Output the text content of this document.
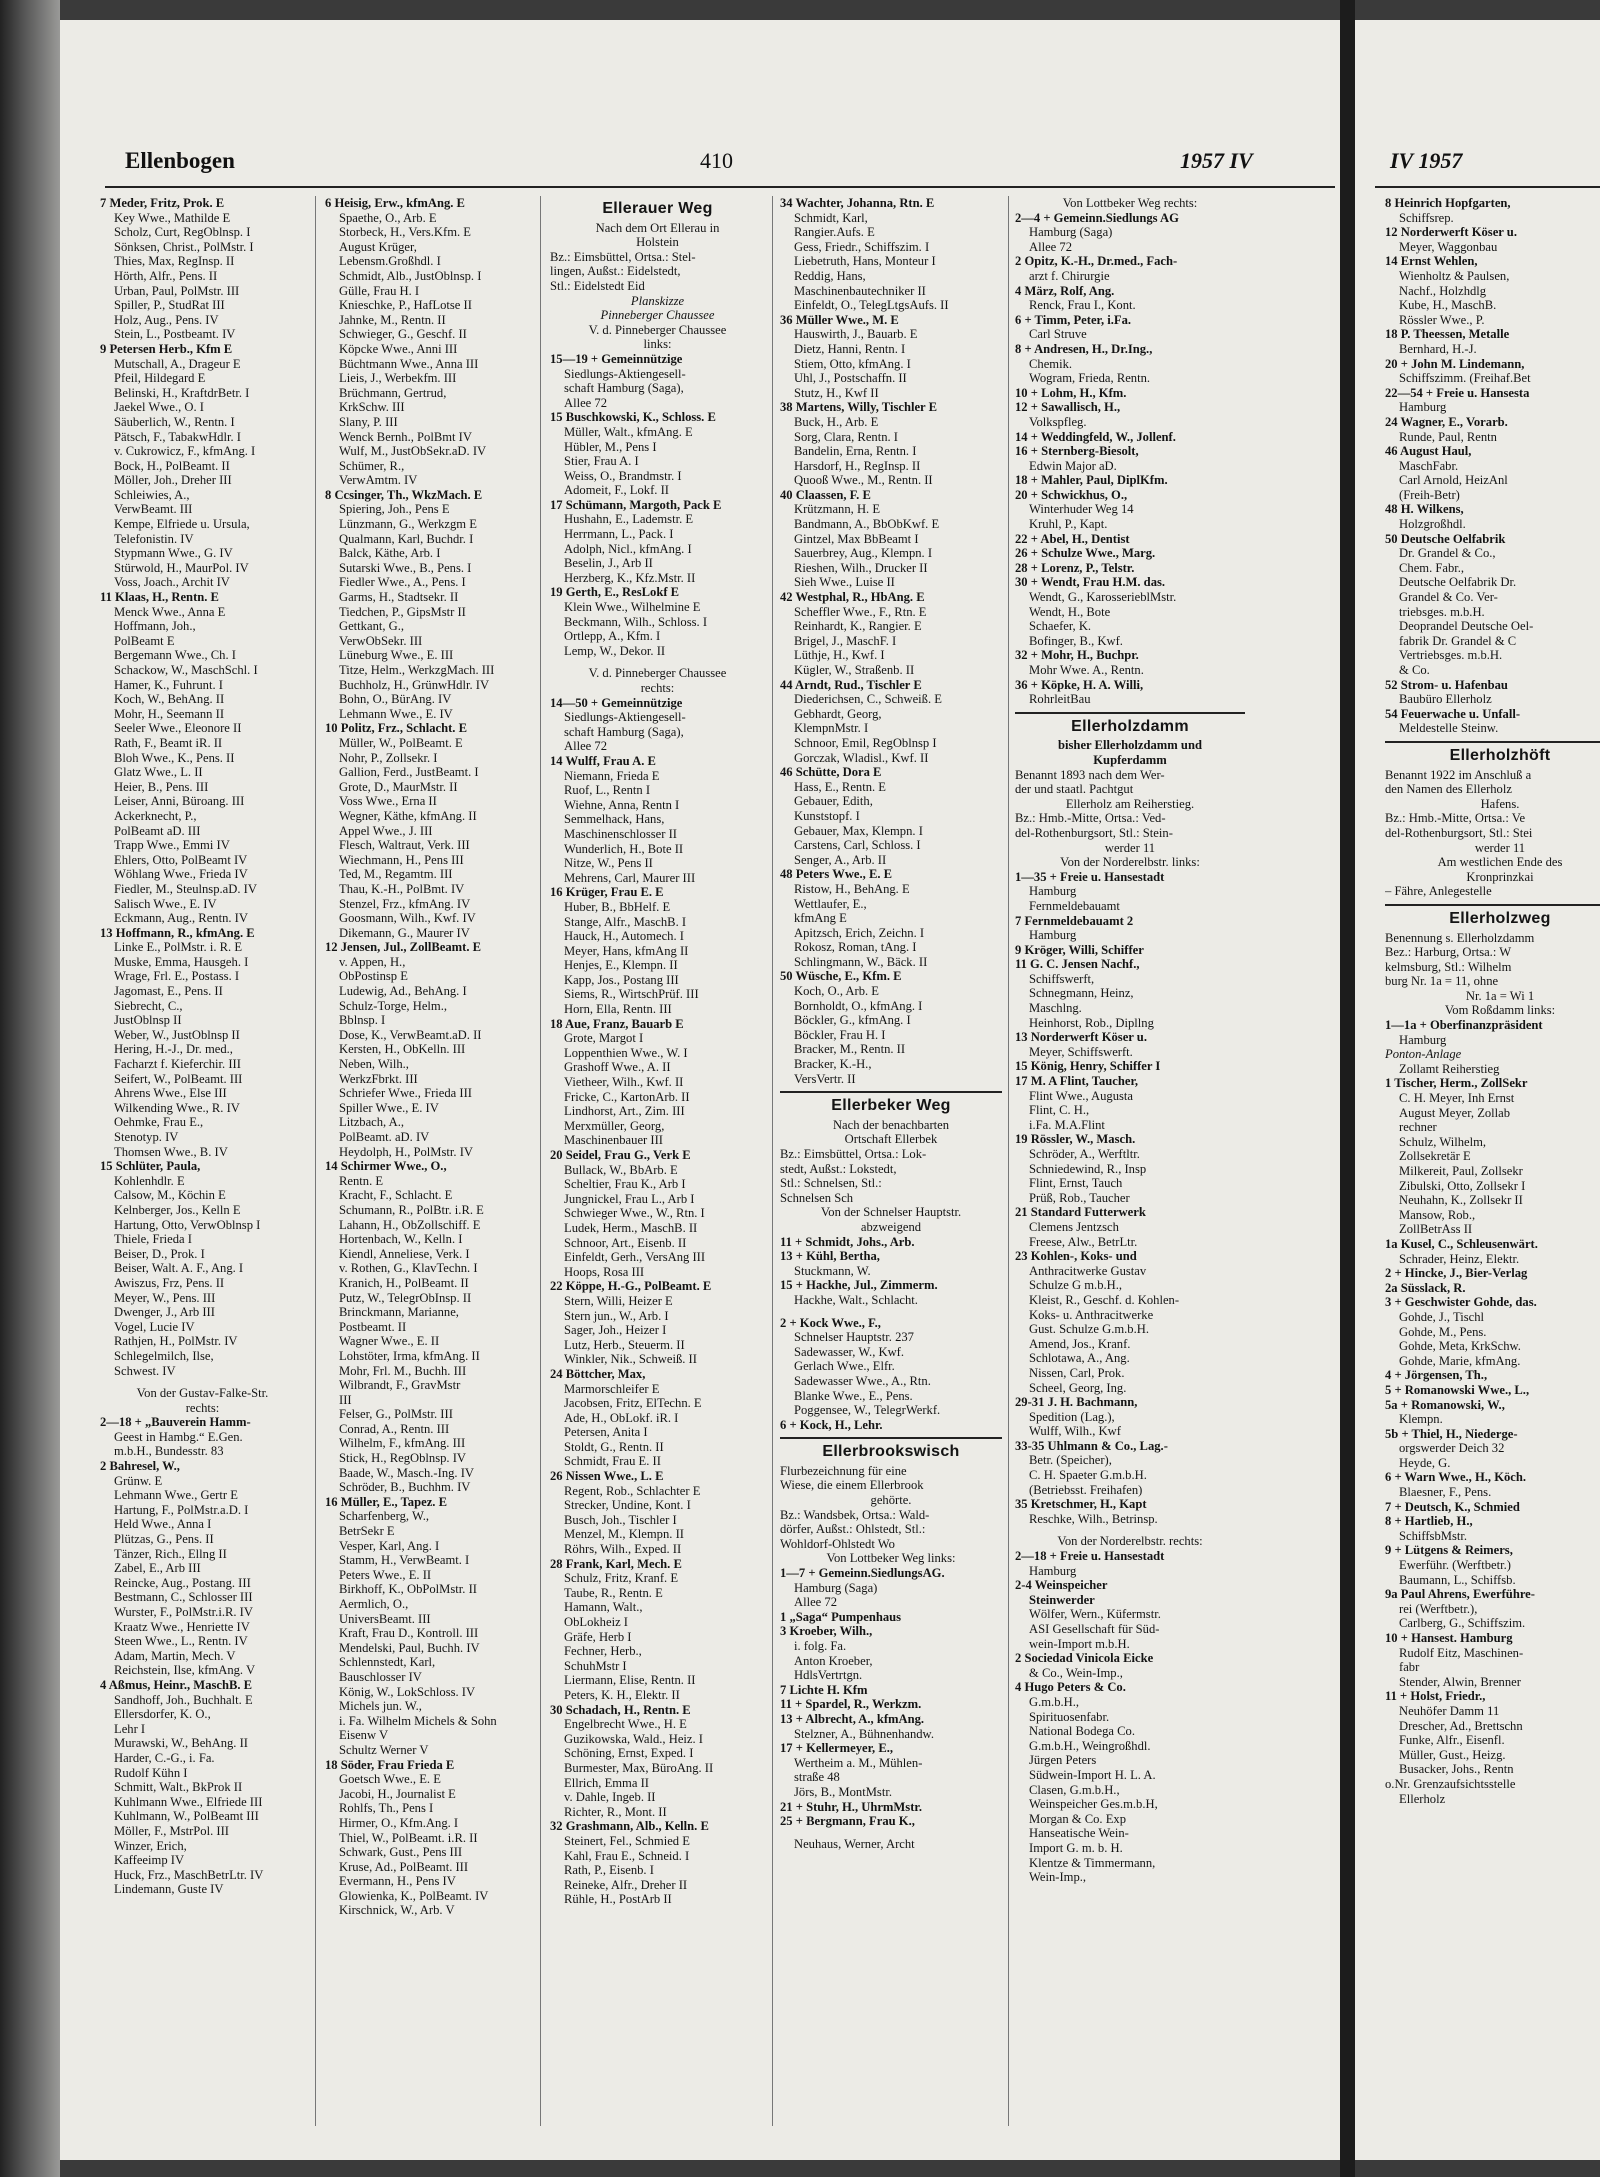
Ellenbogen	410	1957 IV
7 Meder, Fritz, Prok. E
Key Wwe., Mathilde E
Scholz, Curt, RegOblnsp. I
Sönksen, Christ., PolMstr. I
Thies, Max, RegInsp. II
Hörth, Alfr., Pens. II
Urban, Paul, PolMstr. III
Spiller, P., StudRat III
Holz, Aug., Pens. IV
Stein, L., Postbeamt. IV
9 Petersen Herb., Kfm E
Mutschall, A., Drageur E
Pfeil, Hildegard E
Belinski, H., KraftdrBetr. I
Jaekel Wwe., O. I
Säuberlich, W., Rentn. I
Pätsch, F., TabakwHdlr. I
v. Cukrowicz, F., kfmAng. I
Bock, H., PolBeamt. II
Möller, Joh., Dreher III
Schleiwies, A.,
VerwBeamt. III
Kempe, Elfriede u. Ursula,
Telefonistin. IV
Stypmann Wwe., G. IV
Stürwold, H., MaurPol. IV
Voss, Joach., Archit IV
11 Klaas, H., Rentn. E
Menck Wwe., Anna E
Hoffmann, Joh.,
PolBeamt E
Bergemann Wwe., Ch. I
Schackow, W., MaschSchl. I
Hamer, K., Fuhrunt. I
Koch, W., BehAng. II
Mohr, H., Seemann II
Seeler Wwe., Eleonore II
Rath, F., Beamt iR. II
Bloh Wwe., K., Pens. II
Glatz Wwe., L. II
Heier, B., Pens. III
Leiser, Anni, Büroang. III
Ackerknecht, P.,
PolBeamt aD. III
Trapp Wwe., Emmi IV
Ehlers, Otto, PolBeamt IV
Wöhlang Wwe., Frieda IV
Fiedler, M., Steulnsp.aD. IV
Salisch Wwe., E. IV
Eckmann, Aug., Rentn. IV
13 Hoffmann, R., kfmAng. E
Linke E., PolMstr. i. R. E
Muske, Emma, Hausgeh. I
Wrage, Frl. E., Postass. I
Jagomast, E., Pens. II
Siebrecht, C.,
JustOblnsp II
Weber, W., JustOblnsp II
Hering, H.-J., Dr. med.,
Facharzt f. Kieferchir. III
Seifert, W., PolBeamt. III
Ahrens Wwe., Else III
Wilkending Wwe., R. IV
Oehmke, Frau E.,
Stenotyp. IV
Thomsen Wwe., B. IV
15 Schlüter, Paula,
Kohlenhdlr. E
Calsow, M., Köchin E
Kelnberger, Jos., Kelln E
Hartung, Otto, VerwOblnsp I
Thiele, Frieda I
Beiser, D., Prok. I
Beiser, Walt. A. F., Ang. I
Awiszus, Frz, Pens. II
Meyer, W., Pens. III
Dwenger, J., Arb III
Vogel, Lucie IV
Rathjen, H., PolMstr. IV
Schlegelmilch, Ilse,
Schwest. IV
Von der Gustav-Falke-Str.
rechts:
2—18 + „Bauverein Hamm-
Geest in Hambg.“ E.Gen.
m.b.H., Bundesstr. 83
2 Bahresel, W.,
Grünw. E
Lehmann Wwe., Gertr E
Hartung, F., PolMstr.a.D. I
Held Wwe., Anna I
Plützas, G., Pens. II
Tänzer, Rich., Ellng II
Zabel, E., Arb III
Reincke, Aug., Postang. III
Bestmann, C., Schlosser III
Wurster, F., PolMstr.i.R. IV
Kraatz Wwe., Henriette IV
Steen Wwe., L., Rentn. IV
Adam, Martin, Mech. V
Reichstein, Ilse, kfmAng. V
4 Aßmus, Heinr., MaschB. E
Sandhoff, Joh., Buchhalt. E
Ellersdorfer, K. O.,
Lehr I
Murawski, W., BehAng. II
Harder, C.-G., i. Fa.
Rudolf Kühn I
Schmitt, Walt., BkProk II
Kuhlmann Wwe., Elfriede III
Kuhlmann, W., PolBeamt III
Möller, F., MstrPol. III
Winzer, Erich,
Kaffeeimp IV
Huck, Frz., MaschBetrLtr. IV
Lindemann, Guste IV
6 Heisig, Erw., kfmAng. E
Spaethe, O., Arb. E
Storbeck, H., Vers.Kfm. E
August Krüger,
Lebensm.Großhdl. I
Schmidt, Alb., JustOblnsp. I
Gülle, Frau H. I
Knieschke, P., HafLotse II
Jahnke, M., Rentn. II
Schwieger, G., Geschf. II
Köpcke Wwe., Anni III
Büchtmann Wwe., Anna III
Lieis, J., Werbekfm. III
Brüchmann, Gertrud,
KrkSchw. III
Slany, P. III
Wenck Bernh., PolBmt IV
Wulf, M., JustObSekr.aD. IV
Schümer, R.,
VerwAmtm. IV
8 Ccsinger, Th., WkzMach. E
Spiering, Joh., Pens E
Lünzmann, G., Werkzgm E
Qualmann, Karl, Buchdr. I
Balck, Käthe, Arb. I
Sutarski Wwe., B., Pens. I
Fiedler Wwe., A., Pens. I
Garms, H., Stadtsekr. II
Tiedchen, P., GipsMstr II
Gettkant, G.,
VerwObSekr. III
Lüneburg Wwe., E. III
Titze, Helm., WerkzgMach. III
Buchholz, H., GrünwHdlr. IV
Bohn, O., BürAng. IV
Lehmann Wwe., E. IV
10 Politz, Frz., Schlacht. E
Müller, W., PolBeamt. E
Nohr, P., Zollsekr. I
Gallion, Ferd., JustBeamt. I
Grote, D., MaurMstr. II
Voss Wwe., Erna II
Wegner, Käthe, kfmAng. II
Appel Wwe., J. III
Flesch, Waltraut, Verk. III
Wiechmann, H., Pens III
Ted, M., Regamtm. III
Thau, K.-H., PolBmt. IV
Stenzel, Frz., kfmAng. IV
Goosmann, Wilh., Kwf. IV
Dikemann, G., Maurer IV
12 Jensen, Jul., ZollBeamt. E
v. Appen, H.,
ObPostinsp E
Ludewig, Ad., BehAng. I
Schulz-Torge, Helm.,
Bblnsp. I
Dose, K., VerwBeamt.aD. II
Kersten, H., ObKelln. III
Neben, Wilh.,
WerkzFbrkt. III
Schriefer Wwe., Frieda III
Spiller Wwe., E. IV
Litzbach, A.,
PolBeamt. aD. IV
Heydolph, H., PolMstr. IV
14 Schirmer Wwe., O.,
Rentn. E
Kracht, F., Schlacht. E
Schumann, R., PolBtr. i.R. E
Lahann, H., ObZollschiff. E
Hortenbach, W., Kelln. I
Kiendl, Anneliese, Verk. I
v. Rothen, G., KlavTechn. I
Kranich, H., PolBeamt. II
Putz, W., TelegrObInsp. II
Brinckmann, Marianne,
Postbeamt. II
Wagner Wwe., E. II
Lohstöter, Irma, kfmAng. II
Mohr, Frl. M., Buchh. III
Wilbrandt, F., GravMstr
III
Felser, G., PolMstr. III
Conrad, A., Rentn. III
Wilhelm, F., kfmAng. III
Stick, H., RegOblnsp. IV
Baade, W., Masch.-Ing. IV
Schröder, B., Buchhm. IV
16 Müller, E., Tapez. E
Scharfenberg, W.,
BetrSekr E
Vesper, Karl, Ang. I
Stamm, H., VerwBeamt. I
Peters Wwe., E. II
Birkhoff, K., ObPolMstr. II
Aermlich, O.,
UniversBeamt. III
Kraft, Frau D., Kontroll. III
Mendelski, Paul, Buchh. IV
Schlennstedt, Karl,
Bauschlosser IV
König, W., LokSchloss. IV
Michels jun. W.,
i. Fa. Wilhelm Michels & Sohn
Eisenw V
Schultz Werner V
18 Söder, Frau Frieda E
Goetsch Wwe., E. E
Jacobi, H., Journalist E
Rohlfs, Th., Pens I
Hirmer, O., Kfm.Ang. I
Thiel, W., PolBeamt. i.R. II
Schwark, Gust., Pens III
Kruse, Ad., PolBeamt. III
Evermann, H., Pens IV
Glowienka, K., PolBeamt. IV
Kirschnick, W., Arb. V
Ellerauer Weg
Nach dem Ort Ellerau in
Holstein
Bz.: Eimsbüttel, Ortsa.: Stel-
lingen, Außst.: Eidelstedt,
Stl.: Eidelstedt Eid
Planskizze
Pinneberger Chaussee
V. d. Pinneberger Chaussee
links:
15—19 + Gemeinnützige
Siedlungs-Aktiengesell-
schaft Hamburg (Saga),
Allee 72
15 Buschkowski, K., Schloss. E
Müller, Walt., kfmAng. E
Hübler, M., Pens I
Stier, Frau A. I
Weiss, O., Brandmstr. I
Adomeit, F., Lokf. II
17 Schümann, Margoth, Pack E
Hushahn, E., Lademstr. E
Herrmann, L., Pack. I
Adolph, Nicl., kfmAng. I
Beselin, J., Arb II
Herzberg, K., Kfz.Mstr. II
19 Gerth, E., ResLokf E
Klein Wwe., Wilhelmine E
Beckmann, Wilh., Schloss. I
Ortlepp, A., Kfm. I
Lemp, W., Dekor. II
V. d. Pinneberger Chaussee
rechts:
14—50 + Gemeinnützige
Siedlungs-Aktiengesell-
schaft Hamburg (Saga),
Allee 72
14 Wulff, Frau A. E
Niemann, Frieda E
Ruof, L., Rentn I
Wiehne, Anna, Rentn I
Semmelhack, Hans,
Maschinenschlosser II
Wunderlich, H., Bote II
Nitze, W., Pens II
Mehrens, Carl, Maurer III
16 Krüger, Frau E. E
Huber, B., BbHelf. E
Stange, Alfr., MaschB. I
Hauck, H., Automech. I
Meyer, Hans, kfmAng II
Henjes, E., Klempn. II
Kapp, Jos., Postang III
Siems, R., WirtschPrüf. III
Horn, Ella, Rentn. III
18 Aue, Franz, Bauarb E
Grote, Margot I
Loppenthien Wwe., W. I
Grashoff Wwe., A. II
Vietheer, Wilh., Kwf. II
Fricke, C., KartonArb. II
Lindhorst, Art., Zim. III
Merxmüller, Georg,
Maschinenbauer III
20 Seidel, Frau G., Verk E
Bullack, W., BbArb. E
Scheltier, Frau K., Arb I
Jungnickel, Frau L., Arb I
Schwieger Wwe., W., Rtn. I
Ludek, Herm., MaschB. II
Schnoor, Art., Eisenb. II
Einfeldt, Gerh., VersAng III
Hoops, Rosa III
22 Köppe, H.-G., PolBeamt. E
Stern, Willi, Heizer E
Stern jun., W., Arb. I
Sager, Joh., Heizer I
Lutz, Herb., Steuerm. II
Winkler, Nik., Schweiß. II
24 Böttcher, Max,
Marmorschleifer E
Jacobsen, Fritz, ElTechn. E
Ade, H., ObLokf. iR. I
Petersen, Anita I
Stoldt, G., Rentn. II
Schmidt, Frau E. II
26 Nissen Wwe., L. E
Regent, Rob., Schlachter E
Strecker, Undine, Kont. I
Busch, Joh., Tischler I
Menzel, M., Klempn. II
Röhrs, Wilh., Exped. II
28 Frank, Karl, Mech. E
Schulz, Fritz, Kranf. E
Taube, R., Rentn. E
Hamann, Walt.,
ObLokheiz I
Gräfe, Herb I
Fechner, Herb.,
SchuhMstr I
Liermann, Elise, Rentn. II
Peters, K. H., Elektr. II
30 Schadach, H., Rentn. E
Engelbrecht Wwe., H. E
Guzikowska, Wald., Heiz. I
Schöning, Ernst, Exped. I
Burmester, Max, BüroAng. II
Ellrich, Emma II
v. Dahle, Ingeb. II
Richter, R., Mont. II
32 Grashmann, Alb., Kelln. E
Steinert, Fel., Schmied E
Kahl, Frau E., Schneid. I
Rath, P., Eisenb. I
Reineke, Alfr., Dreher II
Rühle, H., PostArb II
34 Wachter, Johanna, Rtn. E
Schmidt, Karl,
Rangier.Aufs. E
Gess, Friedr., Schiffszim. I
Liebetruth, Hans, Monteur I
Reddig, Hans,
Maschinenbautechniker II
Einfeldt, O., TelegLtgsAufs. II
36 Müller Wwe., M. E
Hauswirth, J., Bauarb. E
Dietz, Hanni, Rentn. I
Stiem, Otto, kfmAng. I
Uhl, J., Postschaffn. II
Stutz, H., Kwf II
38 Martens, Willy, Tischler E
Buck, H., Arb. E
Sorg, Clara, Rentn. I
Bandelin, Erna, Rentn. I
Harsdorf, H., RegInsp. II
Quooß Wwe., M., Rentn. II
40 Claassen, F. E
Krützmann, H. E
Bandmann, A., BbObKwf. E
Gintzel, Max BbBeamt I
Sauerbrey, Aug., Klempn. I
Rieshen, Wilh., Drucker II
Sieh Wwe., Luise II
42 Westphal, R., HbAng. E
Scheffler Wwe., F., Rtn. E
Reinhardt, K., Rangier. E
Brigel, J., MaschF. I
Lüthje, H., Kwf. I
Kügler, W., Straßenb. II
44 Arndt, Rud., Tischler E
Diederichsen, C., Schweiß. E
Gebhardt, Georg,
KlempnMstr. I
Schnoor, Emil, RegOblnsp I
Gorczak, Wladisl., Kwf. II
46 Schütte, Dora E
Hass, E., Rentn. E
Gebauer, Edith,
Kunststopf. I
Gebauer, Max, Klempn. I
Carstens, Carl, Schloss. I
Senger, A., Arb. II
48 Peters Wwe., E. E
Ristow, H., BehAng. E
Wettlaufer, E.,
kfmAng E
Apitzsch, Erich, Zeichn. I
Rokosz, Roman, tAng. I
Schlingmann, W., Bäck. II
50 Wüsche, E., Kfm. E
Koch, O., Arb. E
Bornholdt, O., kfmAng. I
Böckler, G., kfmAng. I
Böckler, Frau H. I
Bracker, M., Rentn. II
Bracker, K.-H.,
VersVertr. II
Ellerbeker Weg
Nach der benachbarten
Ortschaft Ellerbek
Bz.: Eimsbüttel, Ortsa.: Lok-
stedt, Außst.: Lokstedt,
Stl.: Schnelsen, Stl.:
Schnelsen Sch
Von der Schnelser Hauptstr.
abzweigend
11 + Schmidt, Johs., Arb.
13 + Kühl, Bertha,
Stuckmann, W.
15 + Hackhe, Jul., Zimmerm.
Hackhe, Walt., Schlacht.
2 + Kock Wwe., F.,
Schnelser Hauptstr. 237
Sadewasser, W., Kwf.
Gerlach Wwe., Elfr.
Sadewasser Wwe., A., Rtn.
Blanke Wwe., E., Pens.
Poggensee, W., TelegrWerkf.
6 + Kock, H., Lehr.
Ellerbrookswisch
Flurbezeichnung für eine
Wiese, die einem Ellerbrook
gehörte.
Bz.: Wandsbek, Ortsa.: Wald-
dörfer, Außst.: Ohlstedt, Stl.:
Wohldorf-Ohlstedt Wo
Von Lottbeker Weg links:
1—7 + Gemeinn.SiedlungsAG.
Hamburg (Saga)
Allee 72
1 „Saga“ Pumpenhaus
3 Kroeber, Wilh.,
i. folg. Fa.
Anton Kroeber,
HdlsVertrtgn.
7 Lichte H. Kfm
11 + Spardel, R., Werkzm.
13 + Albrecht, A., kfmAng.
Stelzner, A., Bühnenhandw.
17 + Kellermeyer, E.,
Wertheim a. M., Mühlen-
straße 48
Jörs, B., MontMstr.
21 + Stuhr, H., UhrmMstr.
25 + Bergmann, Frau K.,
Neuhaus, Werner, Archt
Von Lottbeker Weg rechts:
2—4 + Gemeinn.Siedlungs AG
Hamburg (Saga)
Allee 72
2 Opitz, K.-H., Dr.med., Fach-
arzt f. Chirurgie
4 März, Rolf, Ang.
Renck, Frau I., Kont.
6 + Timm, Peter, i.Fa.
Carl Struve
8 + Andresen, H., Dr.Ing.,
Chemik.
Wogram, Frieda, Rentn.
10 + Lohm, H., Kfm.
12 + Sawallisch, H.,
Volkspfleg.
14 + Weddingfeld, W., Jollenf.
16 + Sternberg-Biesolt,
Edwin Major aD.
18 + Mahler, Paul, DiplKfm.
20 + Schwickhus, O.,
Winterhuder Weg 14
Kruhl, P., Kapt.
22 + Abel, H., Dentist
26 + Schulze Wwe., Marg.
28 + Lorenz, P., Telstr.
30 + Wendt, Frau H.M. das.
Wendt, G., KarosserieblMstr.
Wendt, H., Bote
Schaefer, K.
Bofinger, B., Kwf.
32 + Mohr, H., Buchpr.
Mohr Wwe. A., Rentn.
36 + Köpke, H. A. Willi,
RohrleitBau
Ellerholzdamm
bisher Ellerholzdamm und
Kupferdamm
Benannt 1893 nach dem Wer-
der und staatl. Pachtgut
Ellerholz am Reiherstieg.
Bz.: Hmb.-Mitte, Ortsa.: Ved-
del-Rothenburgsort, Stl.: Stein-
werder 11
Von der Norderelbstr. links:
1—35 + Freie u. Hansestadt
Hamburg
Fernmeldebauamt
7 Fernmeldebauamt 2
Hamburg
9 Kröger, Willi, Schiffer
11 G. C. Jensen Nachf.,
Schiffswerft,
Schnegmann, Heinz,
Maschlng.
Heinhorst, Rob., Dipllng
13 Norderwerft Köser u.
Meyer, Schiffswerft.
15 König, Henry, Schiffer I
17 M. A Flint, Taucher,
Flint Wwe., Augusta
Flint, C. H.,
i.Fa. M.A.Flint
19 Rössler, W., Masch.
Schröder, A., Werftltr.
Schniedewind, R., Insp
Flint, Ernst, Tauch
Prüß, Rob., Taucher
21 Standard Futterwerk
Clemens Jentzsch
Freese, Alw., BetrLtr.
23 Kohlen-, Koks- und
Anthracitwerke Gustav
Schulze G m.b.H.,
Kleist, R., Geschf. d. Kohlen-
Koks- u. Anthracitwerke
Gust. Schulze G.m.b.H.
Amend, Jos., Kranf.
Schlotawa, A., Ang.
Nissen, Carl, Prok.
Scheel, Georg, Ing.
29-31 J. H. Bachmann,
Spedition (Lag.),
Wulff, Wilh., Kwf
33-35 Uhlmann & Co., Lag.-
Betr. (Speicher),
C. H. Spaeter G.m.b.H.
(Betriebsst. Freihafen)
35 Kretschmer, H., Kapt
Reschke, Wilh., Betrinsp.
Von der Norderelbstr. rechts:
2—18 + Freie u. Hansestadt
Hamburg
2-4 Weinspeicher
Steinwerder
Wölfer, Wern., Küfermstr.
ASI Gesellschaft für Süd-
wein-Import m.b.H.
2 Sociedad Vinicola Eicke
& Co., Wein-Imp.,
4 Hugo Peters & Co.
G.m.b.H.,
Spirituosenfabr.
National Bodega Co.
G.m.b.H., Weingroßhdl.
Jürgen Peters
Südwein-Import H. L. A.
Clasen, G.m.b.H.,
Weinspeicher Ges.m.b.H,
Morgan & Co. Exp
Hanseatische Wein-
Import G. m. b. H.
Klentze & Timmermann,
Wein-Imp.,
IV 1957
8 Heinrich Hopfgarten,
Schiffsrep.
12 Norderwerft Köser u.
Meyer, Waggonbau
14 Ernst Wehlen,
Wienholtz & Paulsen,
Nachf., Holzhdlg
Kube, H., MaschB.
Rössler Wwe., P.
18 P. Theessen, Metalle
Bernhard, H.-J.
20 + John M. Lindemann,
Schiffszimm. (Freihaf.Bet
22—54 + Freie u. Hansesta
Hamburg
24 Wagner, E., Vorarb.
Runde, Paul, Rentn
46 August Haul,
MaschFabr.
Carl Arnold, HeizAnl
(Freih-Betr)
48 H. Wilkens,
Holzgroßhdl.
50 Deutsche Oelfabrik
Dr. Grandel & Co.,
Chem. Fabr.,
Deutsche Oelfabrik Dr.
Grandel & Co. Ver-
triebsges. m.b.H.
Deoprandel Deutsche Oel-
fabrik Dr. Grandel & C
Vertriebsges. m.b.H.
& Co.
52 Strom- u. Hafenbau
Baubüro Ellerholz
54 Feuerwache u. Unfall-
Meldestelle Steinw.
Ellerholzhöft
Benannt 1922 im Anschluß a
den Namen des Ellerholz
Hafens.
Bz.: Hmb.-Mitte, Ortsa.: Ve
del-Rothenburgsort, Stl.: Stei
werder 11
Am westlichen Ende des
Kronprinzkai
– Fähre, Anlegestelle
Ellerholzweg
Benennung s. Ellerholzdamm
Bez.: Harburg, Ortsa.: W
kelmsburg, Stl.: Wilhelm
burg Nr. 1a = 11, ohne
Nr. 1a = Wi 1
Vom Roßdamm links:
1—1a + Oberfinanzpräsident
Hamburg
Ponton-Anlage
Zollamt Reiherstieg
1 Tischer, Herm., ZollSekr
C. H. Meyer, Inh Ernst
August Meyer, Zollab
rechner
Schulz, Wilhelm,
Zollsekretär E
Milkereit, Paul, Zollsekr
Zibulski, Otto, Zollsekr I
Neuhahn, K., Zollsekr II
Mansow, Rob.,
ZollBetrAss II
1a Kusel, C., Schleusenwärt.
Schrader, Heinz, Elektr.
2 + Hincke, J., Bier-Verlag
2a Süsslack, R.
3 + Geschwister Gohde, das.
Gohde, J., Tischl
Gohde, M., Pens.
Gohde, Meta, KrkSchw.
Gohde, Marie, kfmAng.
4 + Jörgensen, Th.,
5 + Romanowski Wwe., L.,
5a + Romanowski, W.,
Klempn.
5b + Thiel, H., Niederge-
orgswerder Deich 32
Heyde, G.
6 + Warn Wwe., H., Köch.
Blaesner, F., Pens.
7 + Deutsch, K., Schmied
8 + Hartlieb, H.,
SchiffsbMstr.
9 + Lütgens & Reimers,
Ewerführ. (Werftbetr.)
Baumann, L., Schiffsb.
9a Paul Ahrens, Ewerführe-
rei (Werftbetr.),
Carlberg, G., Schiffszim.
10 + Hansest. Hamburg
Rudolf Eitz, Maschinen-
fabr
Stender, Alwin, Brenner
11 + Holst, Friedr.,
Neuhöfer Damm 11
Drescher, Ad., Brettschn
Funke, Alfr., Eisenfl.
Müller, Gust., Heizg.
Busacker, Johs., Rentn
o.Nr. Grenzaufsichtsstelle
Ellerholz
